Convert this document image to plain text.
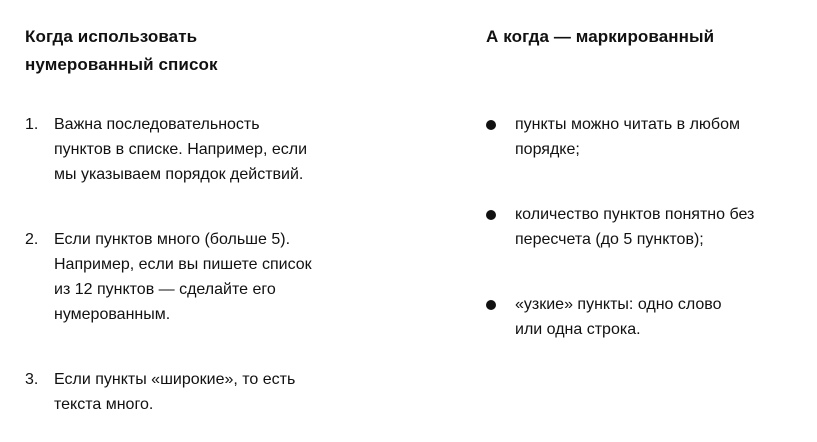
Когда использовать
нумерованный список
1. Важна последовательность
пунктов в списке. Например, если
мы указываем порядок действий.
2. Если пунктов много (больше 5).
Например, если вы пишете список
из 12 пунктов — сделайте его
нумерованным.
3. Если пункты «широкие», то есть
текста много.
А когда — маркированный
пункты можно читать в любом
порядке;
количество пунктов понятно без
пересчета (до 5 пунктов);
«узкие» пункты: одно слово
или одна строка.
